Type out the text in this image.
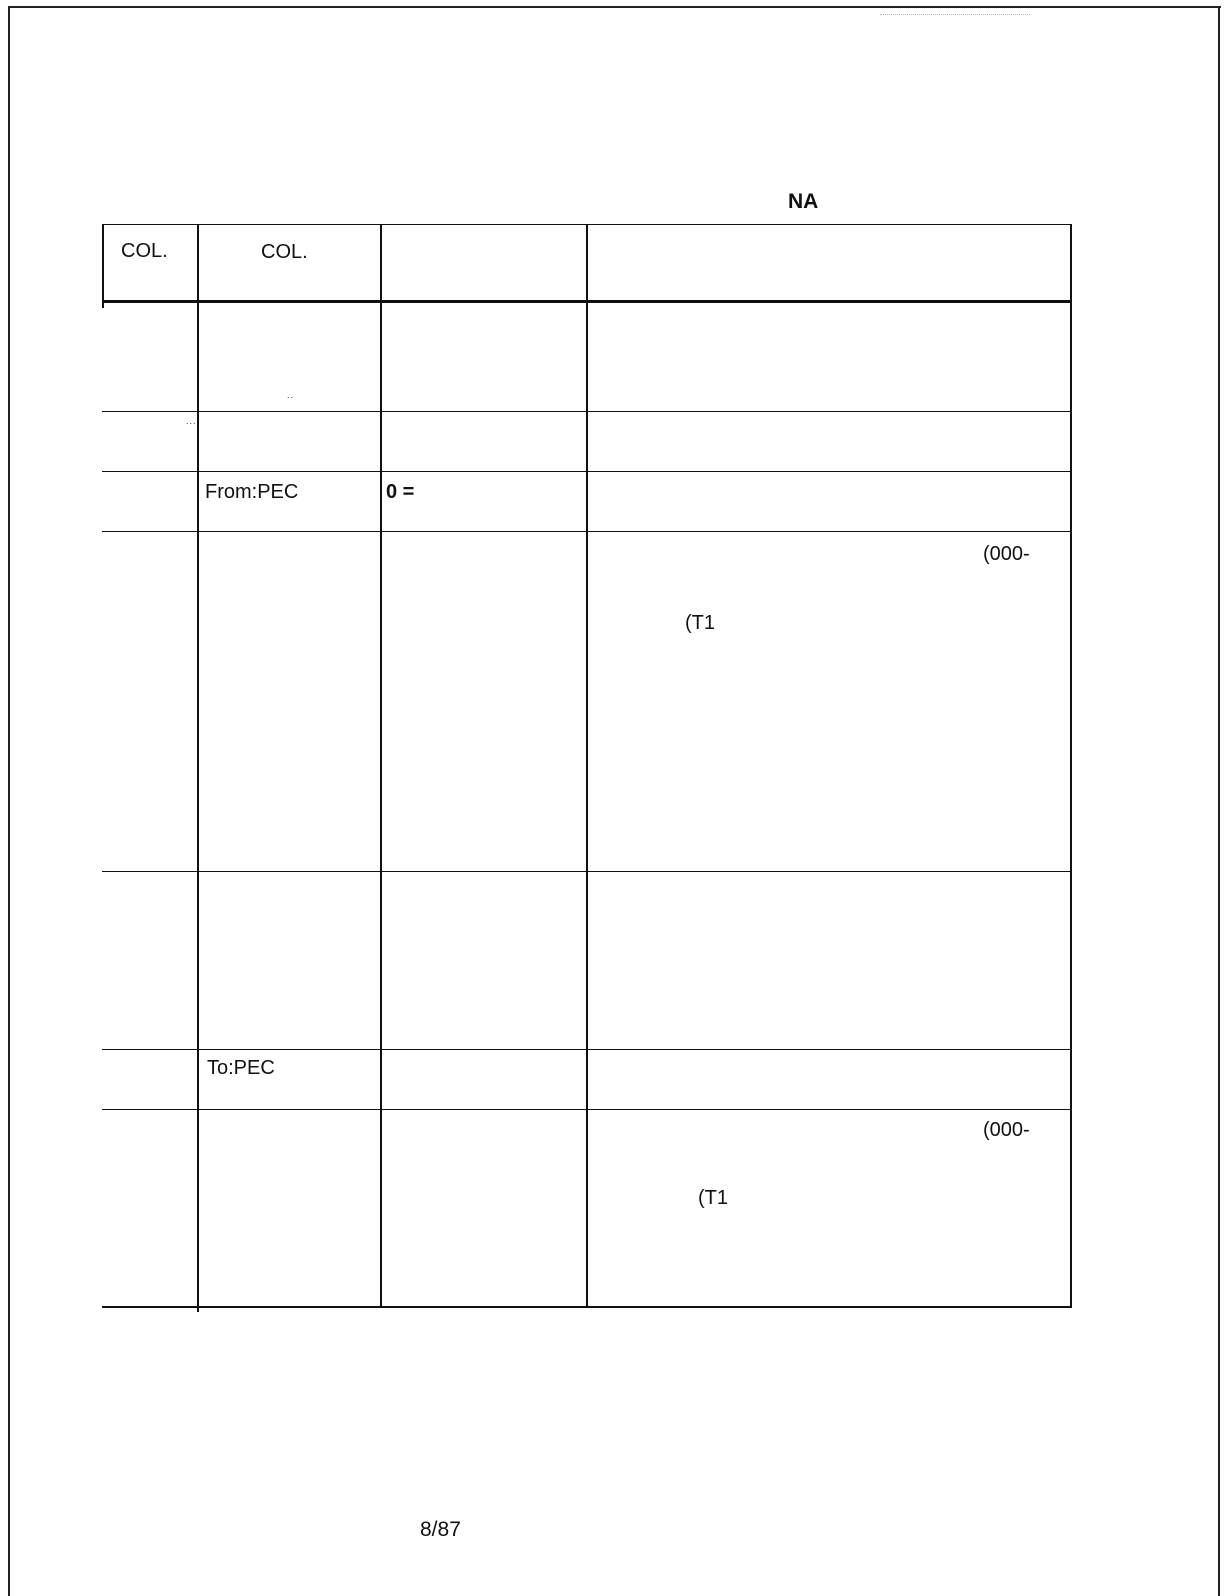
NA
COL.	COL.
..
...
From:PEC	0 =
(000-
(T1
To:PEC
(000-
(T1
8/87
